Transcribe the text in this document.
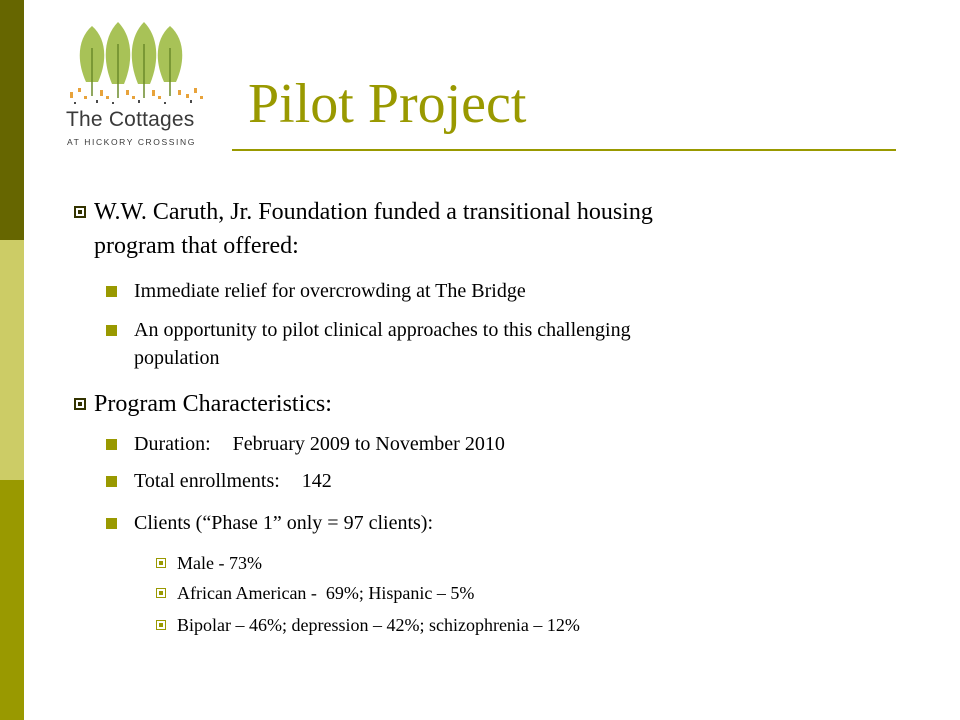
The Cottages
AT HICKORY CROSSING
Pilot Project
W.W. Caruth, Jr. Foundation funded a transitional housing
program that offered:
Immediate relief for overcrowding at The Bridge
An opportunity to pilot clinical approaches to this challenging
population
Program Characteristics:
Duration: February 2009 to November 2010
Total enrollments: 142
Clients (“Phase 1” only = 97 clients):
Male - 73%
African American -  69%; Hispanic – 5%
Bipolar – 46%; depression – 42%; schizophrenia – 12%
